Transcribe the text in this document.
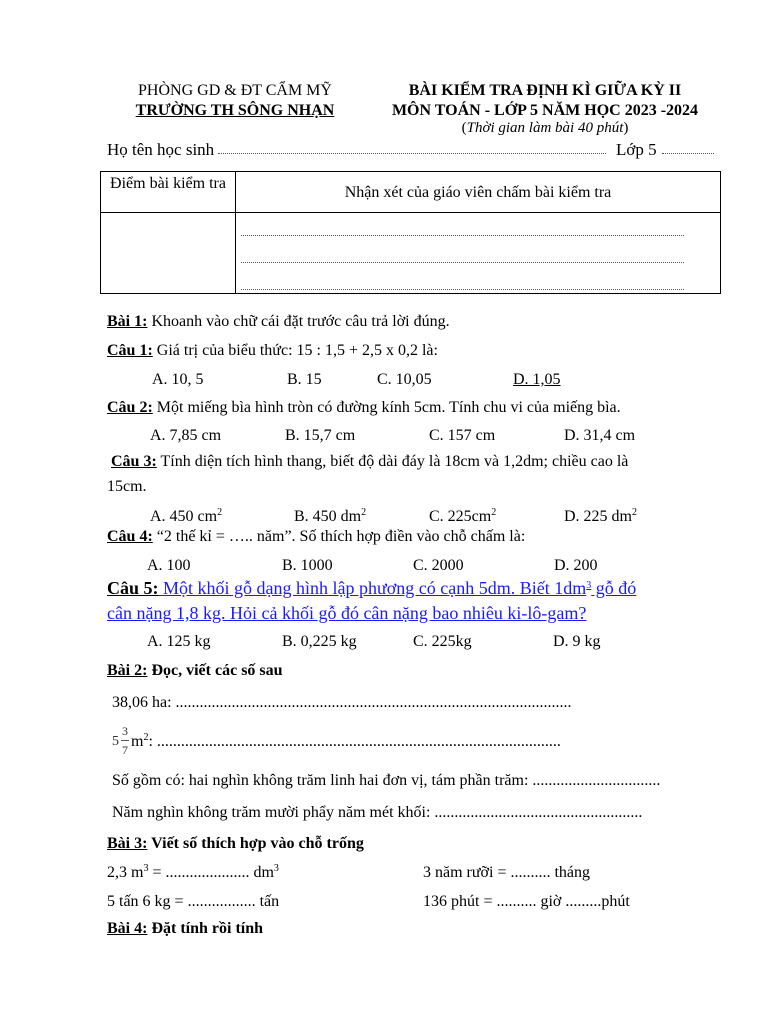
PHÒNG GD & ĐT CẨM MỸ
TRƯỜNG TH SÔNG NHẠN
BÀI KIỂM TRA ĐỊNH KÌ GIỮA KỲ II
MÔN TOÁN - LỚP 5 NĂM HỌC 2023 -2024
(Thời gian làm bài 40 phút)
Họ tên học sinh	Lớp 5
Điểm bài kiểm tra
Nhận xét của giáo viên chấm bài kiểm tra
Bài 1: Khoanh vào chữ cái đặt trước câu trả lời đúng.
Câu 1: Giá trị của biểu thức: 15 : 1,5 + 2,5 x 0,2 là:
A. 10, 5	B. 15	C. 10,05	D. 1,05
Câu 2: Một miếng bìa hình tròn có đường kính 5cm. Tính chu vi của miếng bìa.
A. 7,85 cm	B. 15,7 cm	C. 157 cm	D. 31,4 cm
Câu 3: Tính diện tích hình thang, biết độ dài đáy là 18cm và 1,2dm; chiều cao là
15cm.
A. 450 $cm^2$	B. 450 $dm^2$	C. $225cm^2$	D. 225 $dm^2$
Câu 4: “2 thế kỉ = ….. năm”. Số thích hợp điền vào chỗ chấm là:
A. 100	B. 1000	C. 2000	D. 200
Câu 5: Một khối gỗ dạng hình lập phương có cạnh 5dm. Biết $1dm^3$ gỗ đó
cân nặng 1,8 kg. Hỏi cả khối gỗ đó cân nặng bao nhiêu ki-lô-gam?
A. 125 kg	B. 0,225 kg	C. 225kg	D. 9 kg
Bài 2: Đọc, viết các số sau
38,06 ha: ...................................................................................................
5
3
7 $m^2$: .....................................................................................................
Số gồm có: hai nghìn không trăm linh hai đơn vị, tám phần trăm: ................................
Năm nghìn không trăm mười phẩy năm mét khối: ....................................................
Bài 3: Viết số thích hợp vào chỗ trống
2,3 $m^3$ = ..................... $dm^3$	3 năm rưỡi = .......... tháng
5 tấn 6 kg = ................. tấn	136 phút = .......... giờ .........phút
Bài 4: Đặt tính rồi tính
